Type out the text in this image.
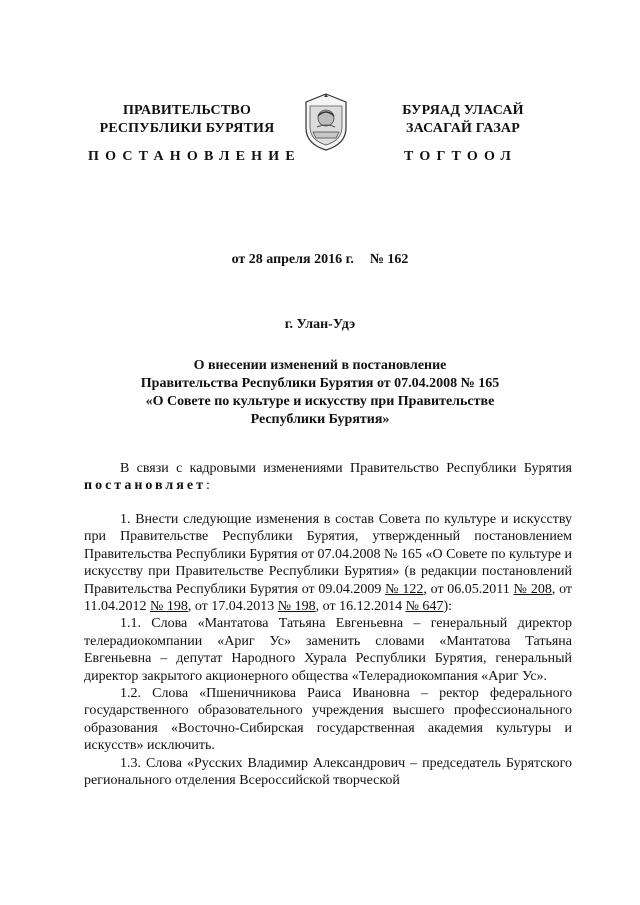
ПРАВИТЕЛЬСТВО
РЕСПУБЛИКИ БУРЯТИЯ
БУРЯАД УЛАСАЙ
ЗАСАГАЙ ГАЗАР
ПОСТАНОВЛЕНИЕ	ТОГТООЛ
от 28 апреля 2016 г. № 162
г. Улан-Удэ
О внесении изменений в постановление
Правительства Республики Бурятия от 07.04.2008 № 165
«О Совете по культуре и искусству при Правительстве
Республики Бурятия»

В связи с кадровыми изменениями Правительство Республики Бурятия постановляет:

1. Внести следующие изменения в состав Совета по культуре и искусству при Правительстве Республики Бурятия, утвержденный постановлением Правительства Республики Бурятия от 07.04.2008 № 165 «О Совете по культуре и искусству при Правительстве Республики Бурятия» (в редакции постановлений Правительства Республики Бурятия от 09.04.2009 № 122, от 06.05.2011 № 208, от 11.04.2012 № 198, от 17.04.2013 № 198, от 16.12.2014 № 647):

1.1. Слова «Мантатова Татьяна Евгеньевна – генеральный директор телерадиокомпании «Ариг Ус» заменить словами «Мантатова Татьяна Евгеньевна – депутат Народного Хурала Республики Бурятия, генеральный директор закрытого акционерного общества «Телерадиокомпания «Ариг Ус».

1.2. Слова «Пшеничникова Раиса Ивановна – ректор федерального государственного образовательного учреждения высшего профессионального образования «Восточно-Сибирская государственная академия культуры и искусств» исключить.

1.3. Слова «Русских Владимир Александрович – председатель Бурятского регионального отделения Всероссийской творческой
